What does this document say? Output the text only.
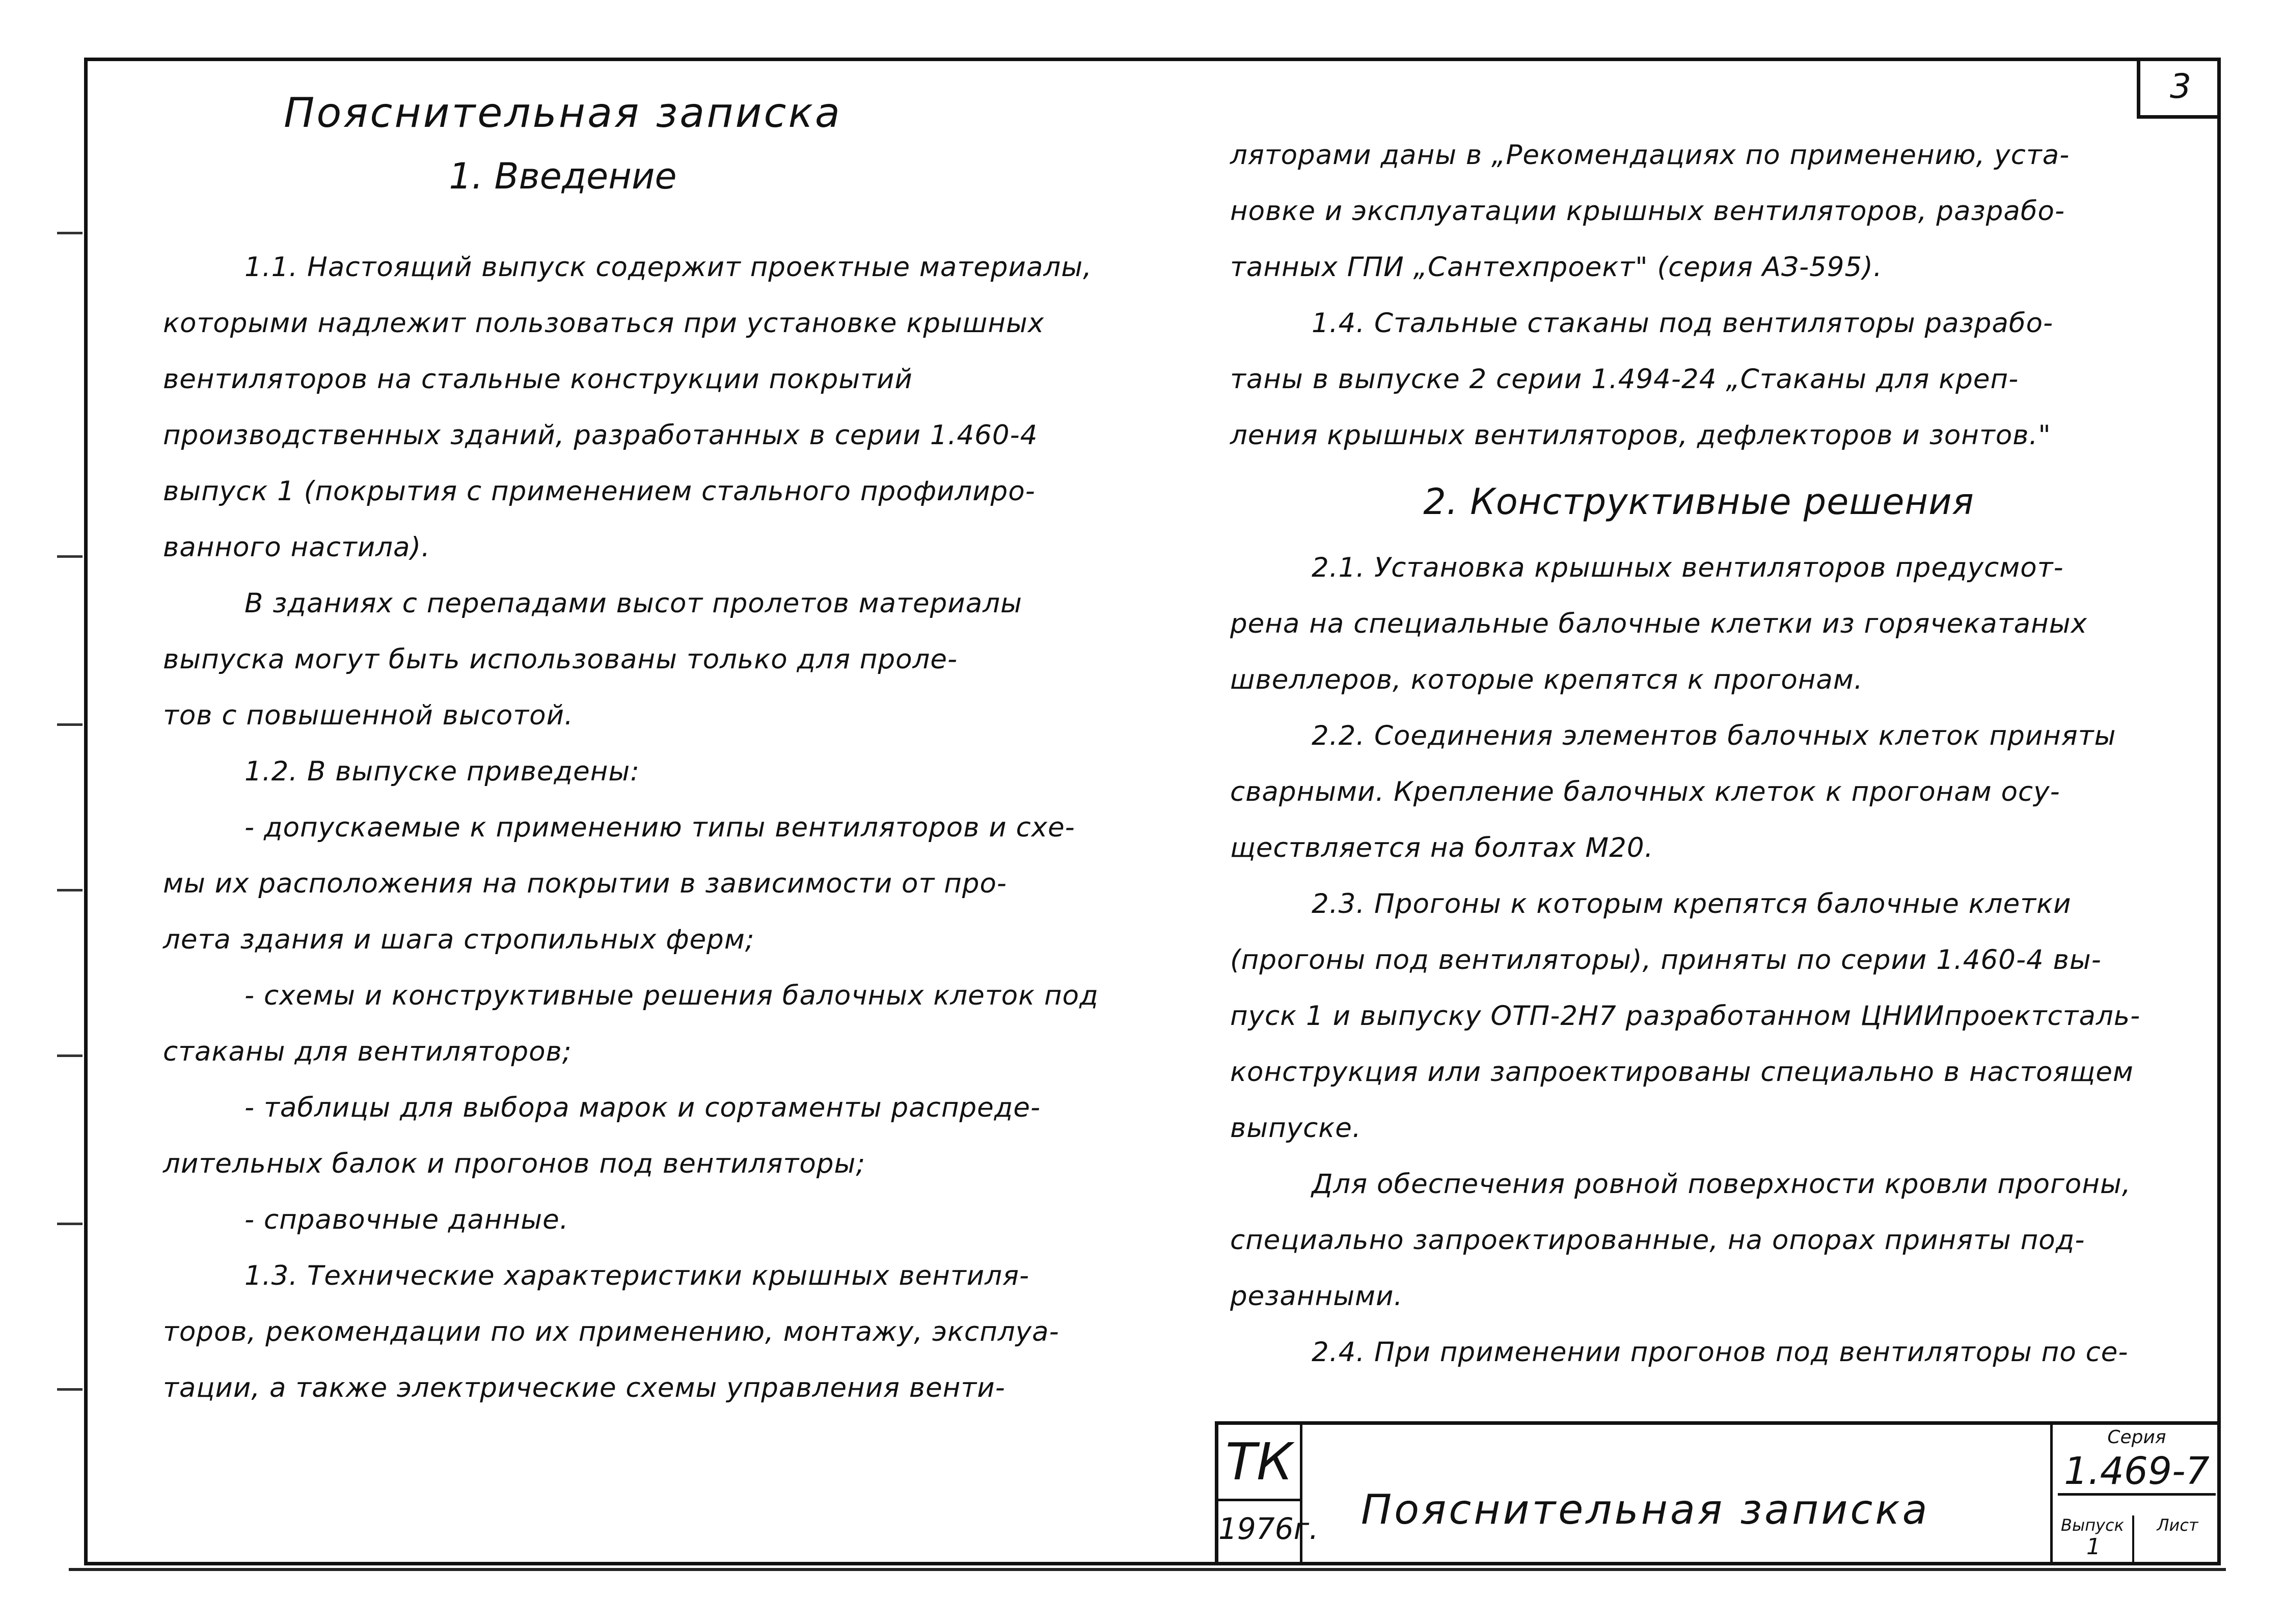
3
Пояснительная записка
1. Введение

1.1. Настоящий выпуск содержит проектные материалы,

которыми надлежит пользоваться при установке крышных

вентиляторов на стальные конструкции покрытий

производственных зданий, разработанных в серии 1.460-4

выпуск 1 (покрытия с применением стального профилиро-

ванного настила).

В зданиях с перепадами высот пролетов материалы

выпуска могут быть использованы только для проле-

тов с повышенной высотой.

1.2. В выпуске приведены:

- допускаемые к применению типы вентиляторов и схе-

мы их расположения на покрытии в зависимости от про-

лета здания и шага стропильных ферм;

- схемы и конструктивные решения балочных клеток под

стаканы для вентиляторов;

- таблицы для выбора марок и сортаменты распреде-

лительных балок и прогонов под вентиляторы;

- справочные данные.

1.3. Технические характеристики крышных вентиля-

торов, рекомендации по их применению, монтажу, эксплуа-

тации, а также электрические схемы управления венти-

ляторами даны в „Рекомендациях по применению, уста-

новке и эксплуатации крышных вентиляторов, разрабо-

танных ГПИ „Сантехпроект" (серия АЗ-595).

1.4. Стальные стаканы под вентиляторы разрабо-

таны в выпуске 2 серии 1.494-24 „Стаканы для креп-

ления крышных вентиляторов, дефлекторов и зонтов."

2. Конструктивные решения

2.1. Установка крышных вентиляторов предусмот-

рена на специальные балочные клетки из горячекатаных

швеллеров, которые крепятся к прогонам.

2.2. Соединения элементов балочных клеток приняты

сварными. Крепление балочных клеток к прогонам осу-

ществляется на болтах М20.

2.3. Прогоны к которым крепятся балочные клетки

(прогоны под вентиляторы), приняты по серии 1.460-4 вы-

пуск 1 и выпуску ОТП-2Н7 разработанном ЦНИИпроектсталь-

конструкция или запроектированы специально в настоящем

выпуске.

Для обеспечения ровной поверхности кровли прогоны,

специально запроектированные, на опорах приняты под-

резанными.

2.4. При применении прогонов под вентиляторы по се-

ТК
1976г. Пояснительная записка
Серия
1.469-7
Выпуск	Лист
1
